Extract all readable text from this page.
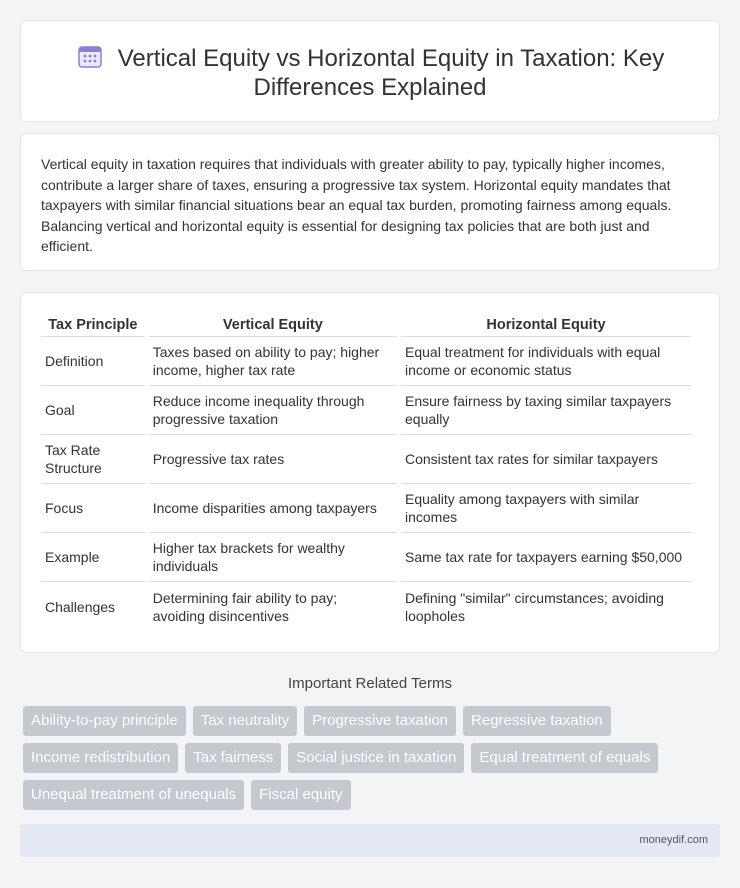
Vertical Equity vs Horizontal Equity in Taxation: Key Differences Explained

Vertical equity in taxation requires that individuals with greater ability to pay, typically higher incomes, contribute a larger share of taxes, ensuring a progressive tax system. Horizontal equity mandates that taxpayers with similar financial situations bear an equal tax burden, promoting fairness among equals. Balancing vertical and horizontal equity is essential for designing tax policies that are both just and efficient.

Tax Principle	Vertical Equity	Horizontal Equity
Definition	Taxes based on ability to pay; higher income, higher tax rate	Equal treatment for individuals with equal income or economic status
Goal	Reduce income inequality through progressive taxation	Ensure fairness by taxing similar taxpayers equally
Tax Rate Structure	Progressive tax rates	Consistent tax rates for similar taxpayers
Focus	Income disparities among taxpayers	Equality among taxpayers with similar incomes
Example	Higher tax brackets for wealthy individuals	Same tax rate for taxpayers earning $50,000
Challenges	Determining fair ability to pay; avoiding disincentives	Defining "similar" circumstances; avoiding loopholes
Important Related Terms
Ability-to-pay principle	Tax neutrality	Progressive taxation	Regressive taxation
Income redistribution	Tax fairness	Social justice in taxation	Equal treatment of equals
Unequal treatment of unequals	Fiscal equity
moneydif.com
